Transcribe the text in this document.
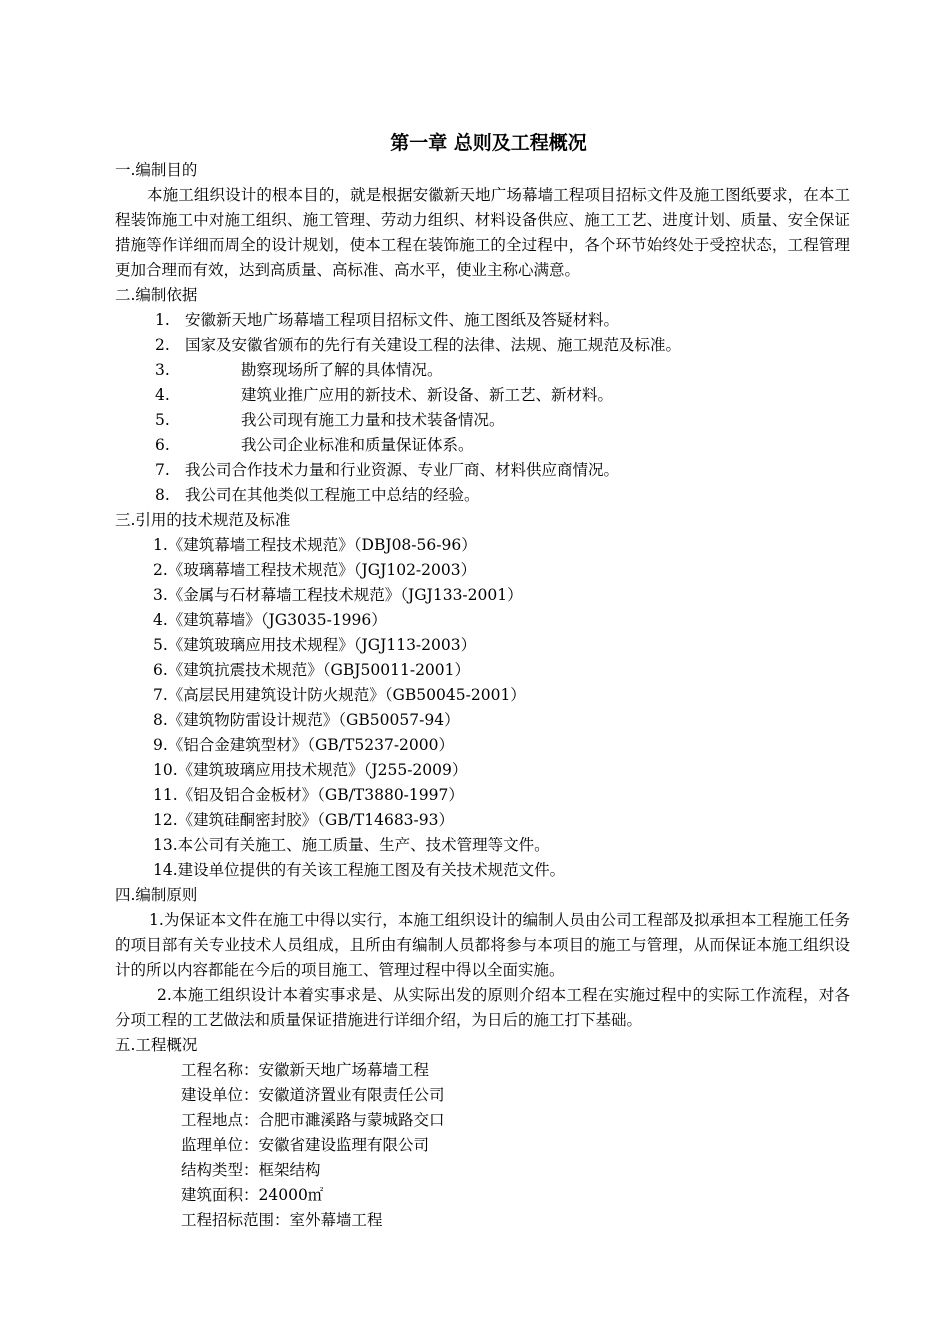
第一章 总则及工程概况

一.编制目的

本施工组织设计的根本目的，就是根据安徽新天地广场幕墙工程项目招标文件及施工图纸要求，在本工程装饰施工中对施工组织、施工管理、劳动力组织、材料设备供应、施工工艺、进度计划、质量、安全保证措施等作详细而周全的设计规划，使本工程在装饰施工的全过程中，各个环节始终处于受控状态，工程管理更加合理而有效，达到高质量、高标准、高水平，使业主称心满意。

二.编制依据

1. 安徽新天地广场幕墙工程项目招标文件、施工图纸及答疑材料。
2. 国家及安徽省颁布的先行有关建设工程的法律、法规、施工规范及标准。
3.	勘察现场所了解的具体情况。
4.	建筑业推广应用的新技术、新设备、新工艺、新材料。
5.	我公司现有施工力量和技术装备情况。
6.	我公司企业标准和质量保证体系。
7. 我公司合作技术力量和行业资源、专业厂商、材料供应商情况。
8. 我公司在其他类似工程施工中总结的经验。

三.引用的技术规范及标准

1.《建筑幕墙工程技术规范》（DBJ08-56-96）
2.《玻璃幕墙工程技术规范》（JGJ102-2003）
3.《金属与石材幕墙工程技术规范》（JGJ133-2001）
4.《建筑幕墙》（JG3035-1996）
5.《建筑玻璃应用技术规程》（JGJ113-2003）
6.《建筑抗震技术规范》（GBJ50011-2001）
7.《高层民用建筑设计防火规范》（GB50045-2001）
8.《建筑物防雷设计规范》（GB50057-94）
9.《铝合金建筑型材》（GB/T5237-2000）
10.《建筑玻璃应用技术规范》（J255-2009）
11.《铝及铝合金板材》（GB/T3880-1997）
12.《建筑硅酮密封胶》（GB/T14683-93）
13.本公司有关施工、施工质量、生产、技术管理等文件。
14.建设单位提供的有关该工程施工图及有关技术规范文件。

四.编制原则

1.为保证本文件在施工中得以实行，本施工组织设计的编制人员由公司工程部及拟承担本工程施工任务的项目部有关专业技术人员组成，且所由有编制人员都将参与本项目的施工与管理，从而保证本施工组织设计的所以内容都能在今后的项目施工、管理过程中得以全面实施。

2.本施工组织设计本着实事求是、从实际出发的原则介绍本工程在实施过程中的实际工作流程，对各分项工程的工艺做法和质量保证措施进行详细介绍，为日后的施工打下基础。

五.工程概况

工程名称：安徽新天地广场幕墙工程
建设单位：安徽道济置业有限责任公司
工程地点：合肥市濉溪路与蒙城路交口
监理单位：安徽省建设监理有限公司
结构类型：框架结构
建筑面积：24000㎡
工程招标范围：室外幕墙工程
